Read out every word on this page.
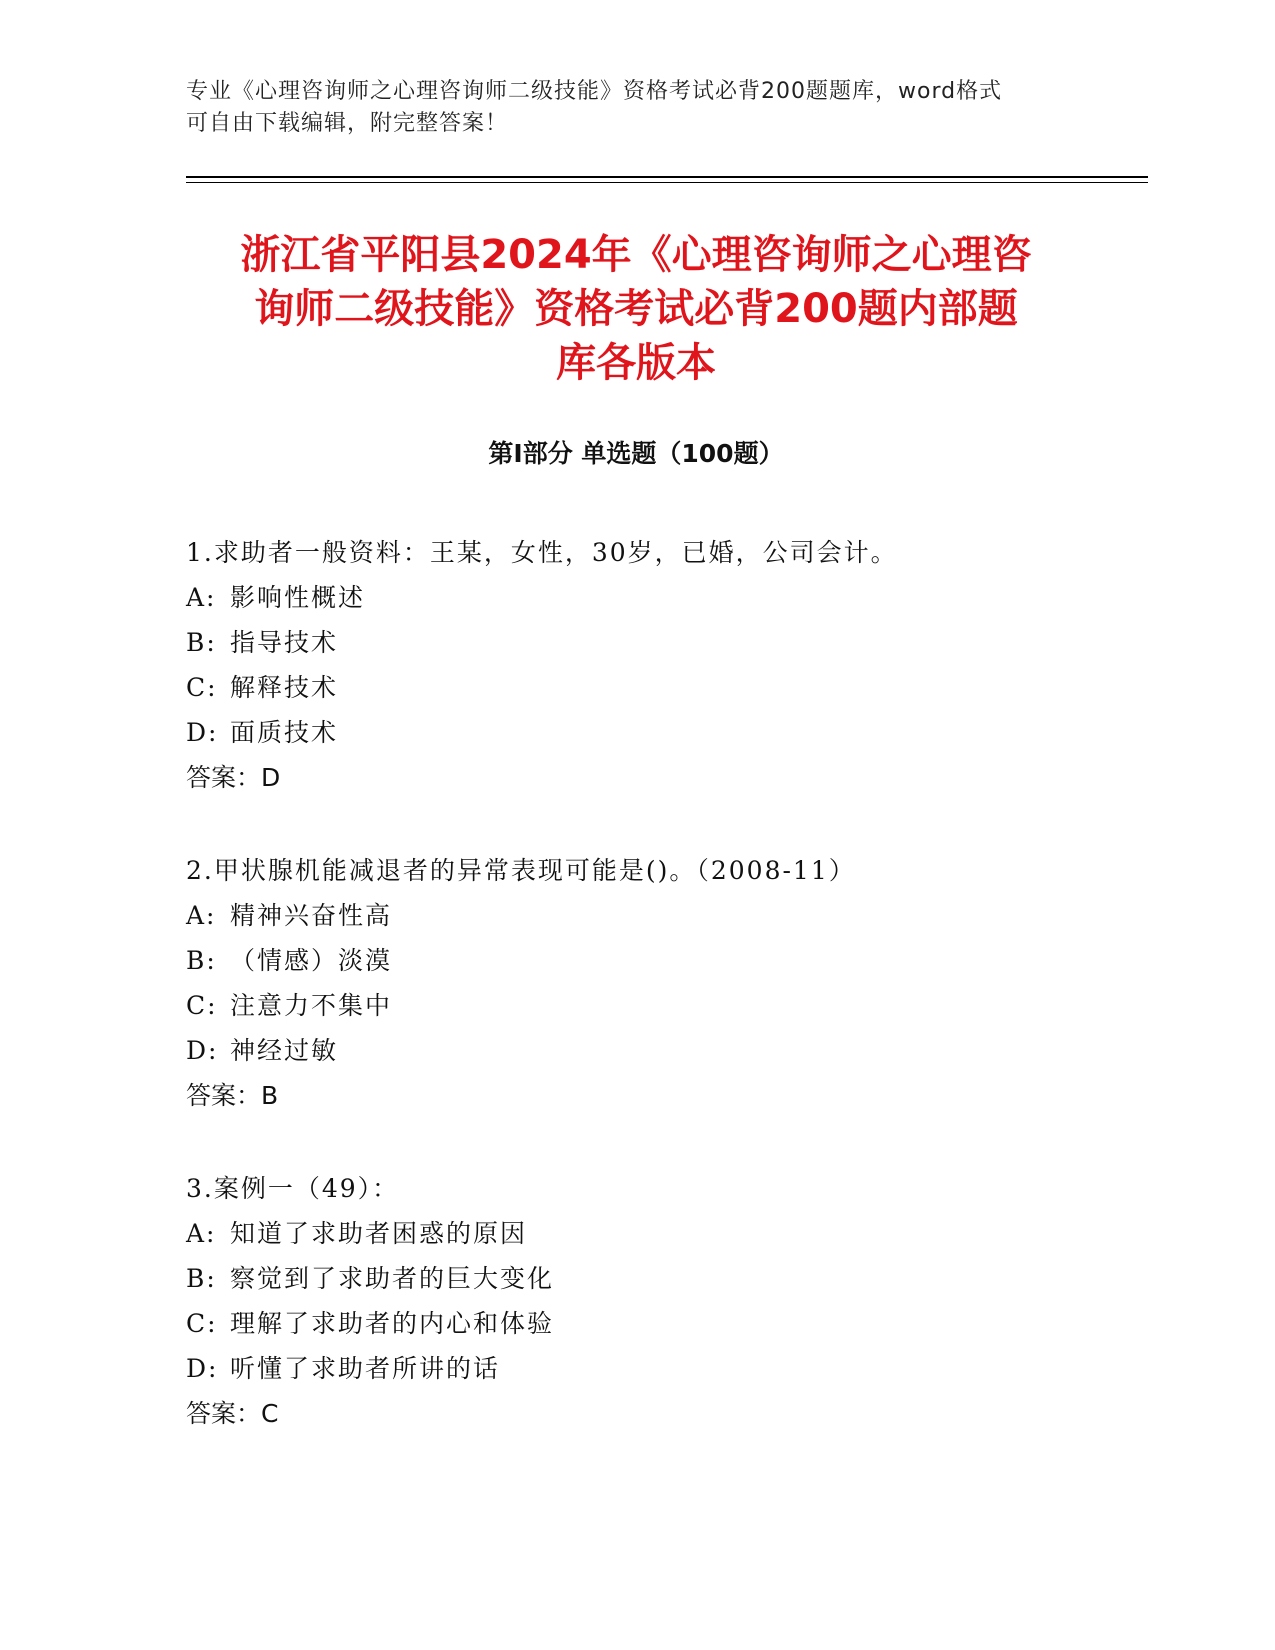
专业《心理咨询师之心理咨询师二级技能》资格考试必背200题题库，word格式
可自由下载编辑，附完整答案！
浙江省平阳县2024年《心理咨询师之心理咨
询师二级技能》资格考试必背200题内部题
库各版本
第Ⅰ部分 单选题（100题）
1.求助者一般资料：王某，女性，30岁，已婚，公司会计。
A: 影响性概述
B: 指导技术
C: 解释技术
D: 面质技术
答案：D
2.甲状腺机能减退者的异常表现可能是()。（2008-11）
A: 精神兴奋性高
B: （情感）淡漠
C: 注意力不集中
D: 神经过敏
答案：B
3.案例一（49）：
A: 知道了求助者困惑的原因
B: 察觉到了求助者的巨大变化
C: 理解了求助者的内心和体验
D: 听懂了求助者所讲的话
答案：C
